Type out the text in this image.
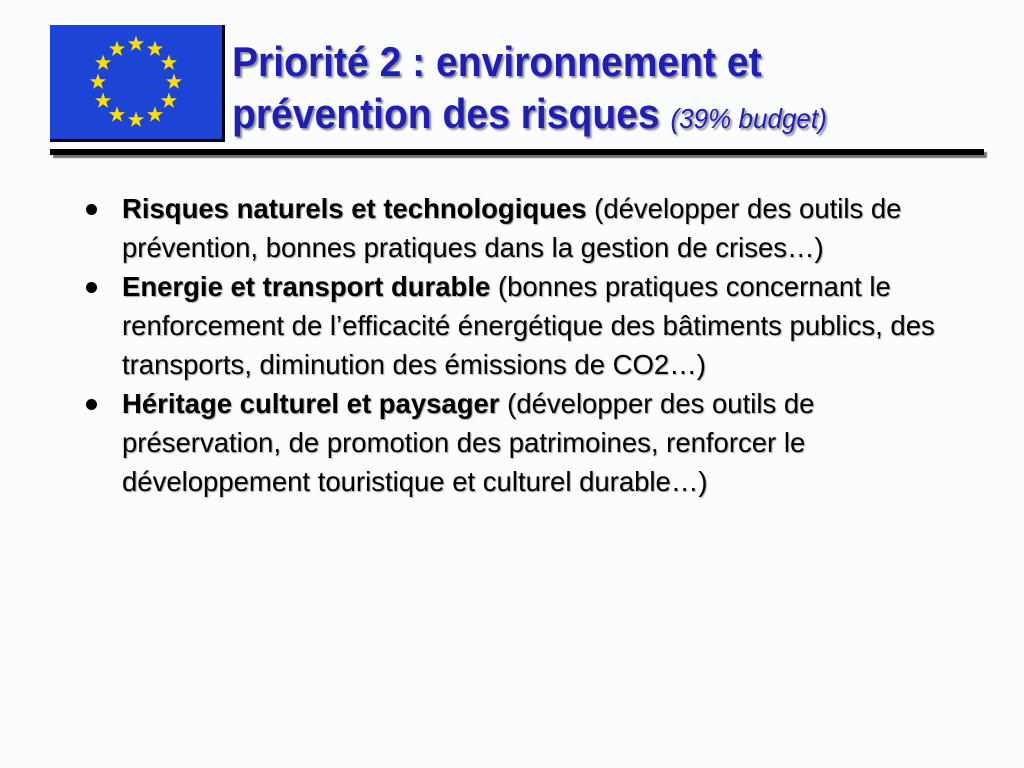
Priorité 2 : environnement et
prévention des risques (39% budget)
Risques naturels et technologiques (développer des outils de prévention, bonnes pratiques dans la gestion de crises…)
Energie et transport durable (bonnes pratiques concernant le renforcement de l’efficacité énergétique des bâtiments publics, des transports, diminution des émissions de CO2…)
Héritage culturel et paysager (développer des outils de préservation, de promotion des patrimoines, renforcer le développement touristique et culturel durable…)
